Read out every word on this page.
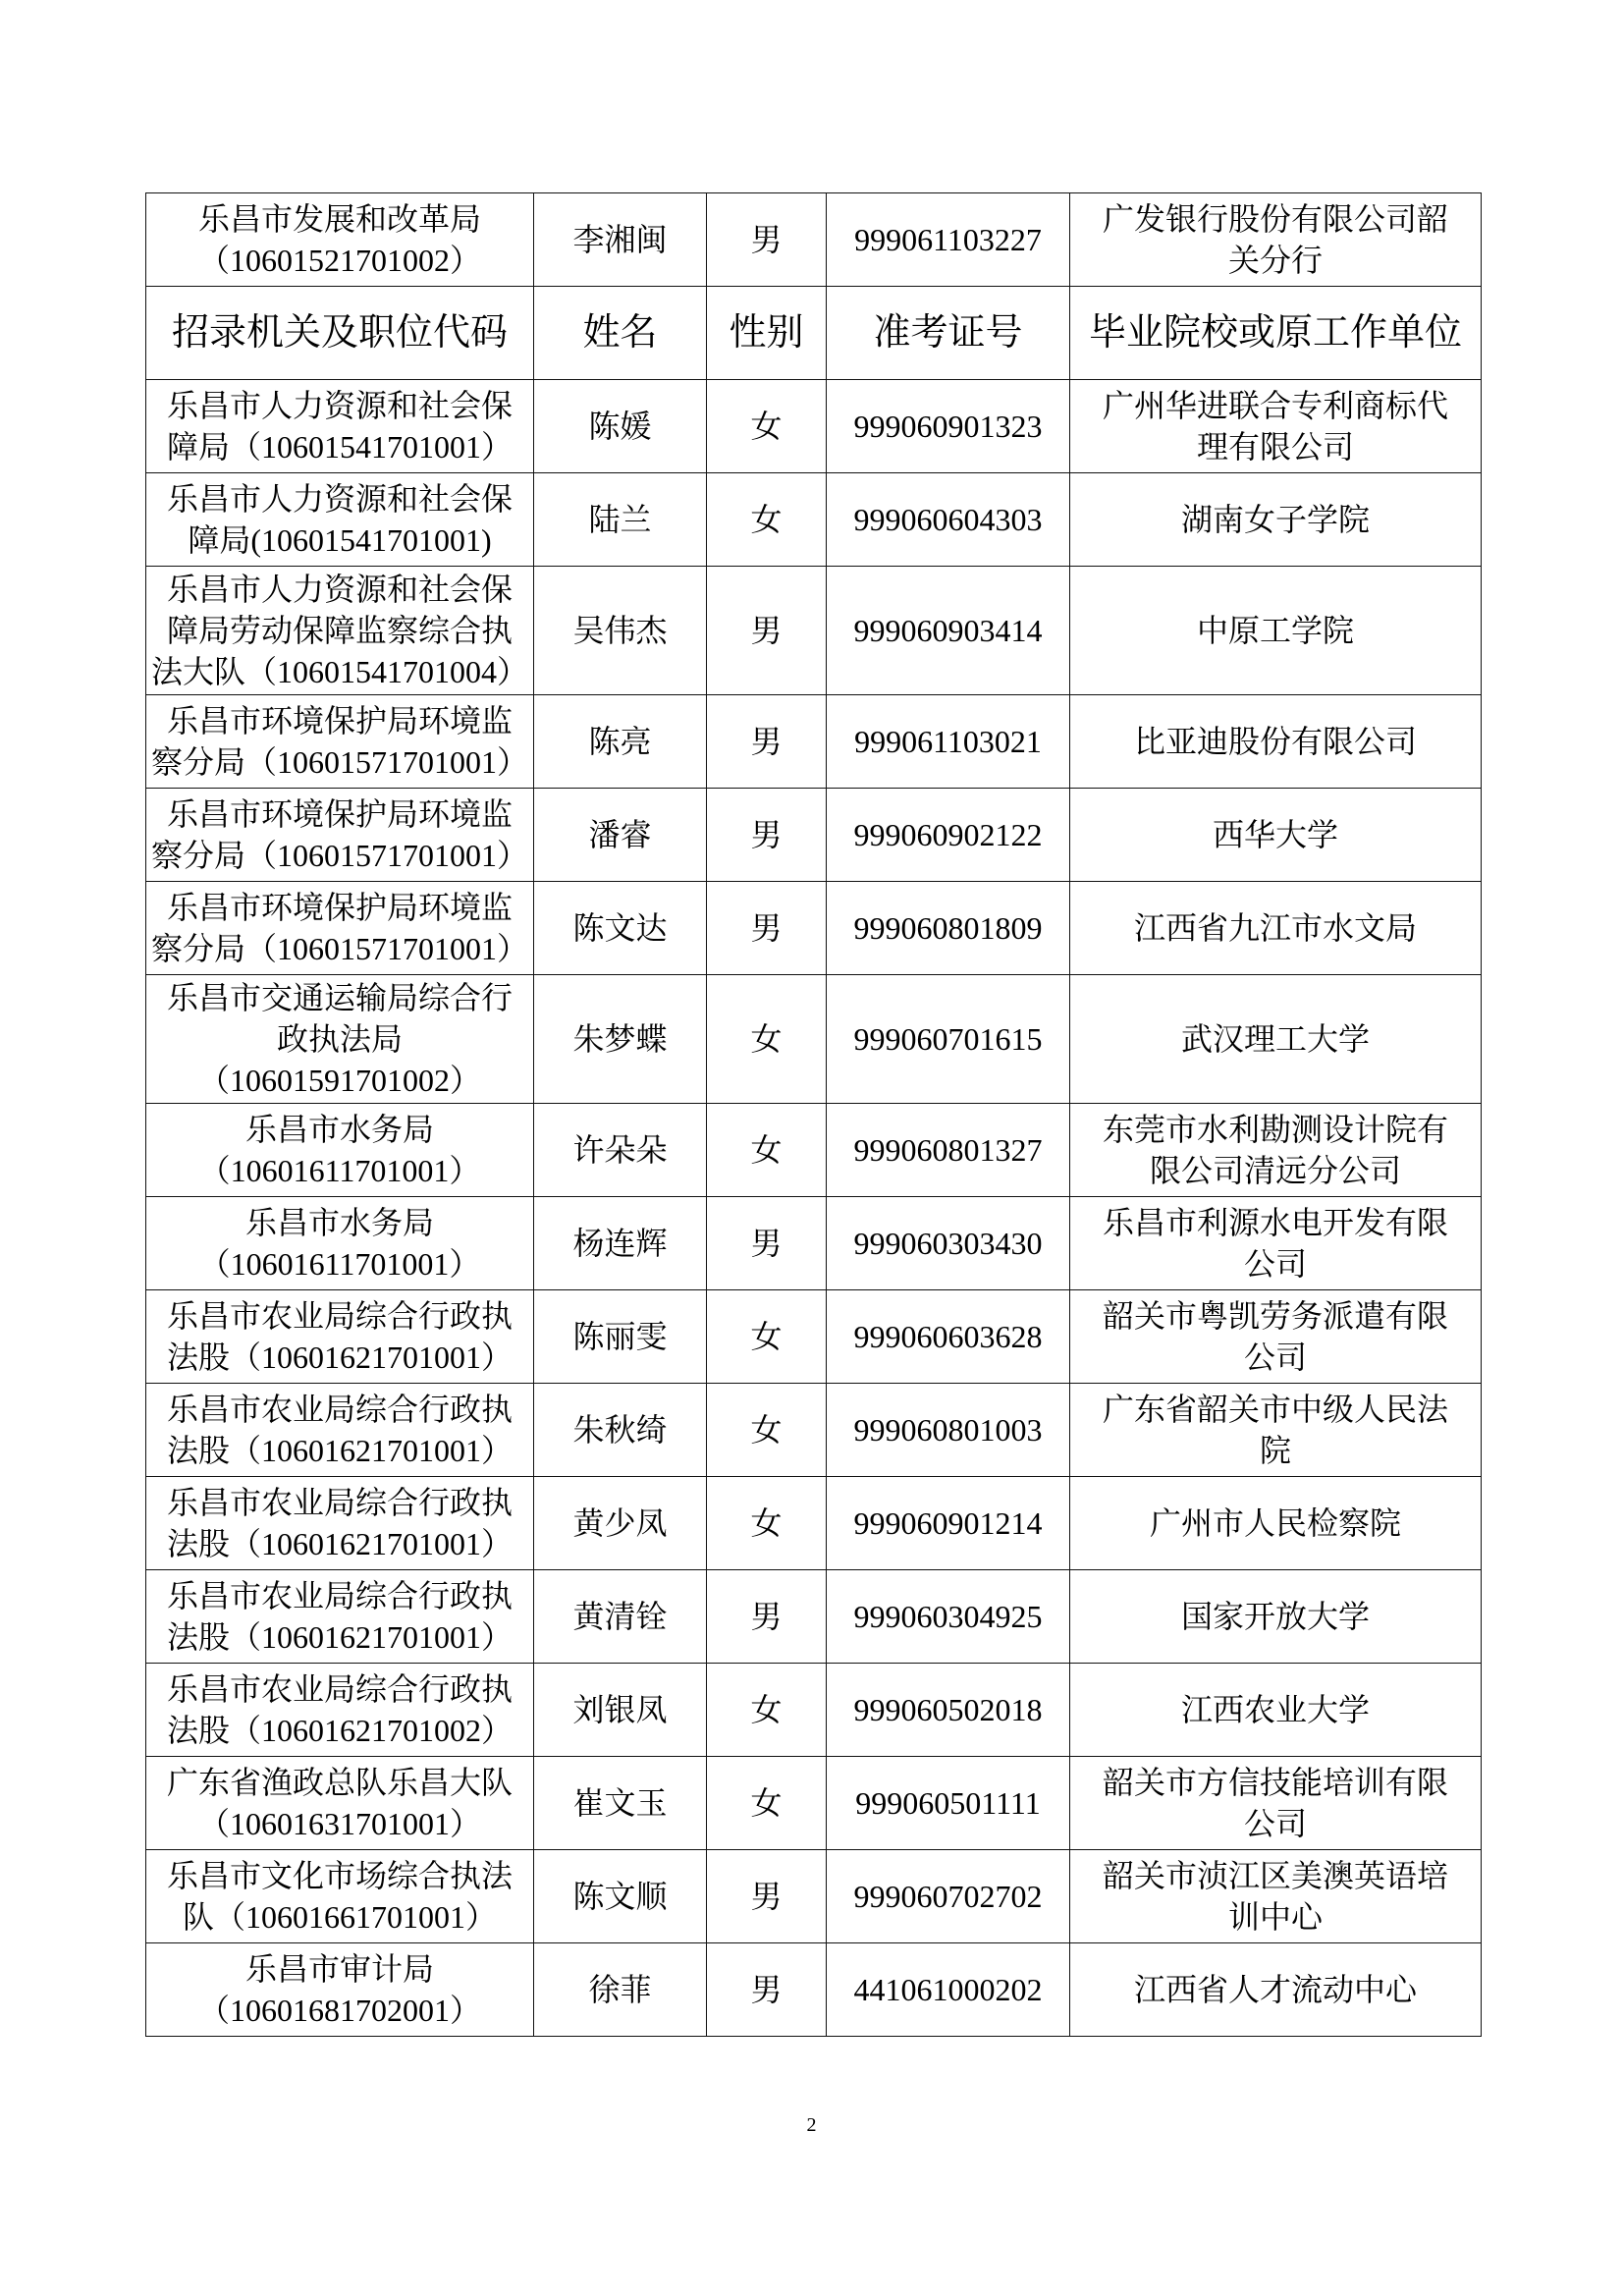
乐昌市发展和改革局
（10601521701002）	李湘闽	男	999061103227	广发银行股份有限公司韶
关分行

招录机关及职位代码	姓名	性别	准考证号	毕业院校或原工作单位

乐昌市人力资源和社会保
障局（10601541701001）	陈媛	女	999060901323	广州华进联合专利商标代
理有限公司

乐昌市人力资源和社会保
障局(10601541701001)	陆兰	女	999060604303	湖南女子学院

乐昌市人力资源和社会保
障局劳动保障监察综合执
法大队（10601541701004）	吴伟杰	男	999060903414	中原工学院

乐昌市环境保护局环境监
察分局（10601571701001）	陈亮	男	999061103021	比亚迪股份有限公司

乐昌市环境保护局环境监
察分局（10601571701001）	潘睿	男	999060902122	西华大学

乐昌市环境保护局环境监
察分局（10601571701001）	陈文达	男	999060801809	江西省九江市水文局

乐昌市交通运输局综合行
政执法局
（10601591701002）	朱梦蝶	女	999060701615	武汉理工大学

乐昌市水务局
（10601611701001）	许朵朵	女	999060801327	东莞市水利勘测设计院有
限公司清远分公司

乐昌市水务局
（10601611701001）	杨连辉	男	999060303430	乐昌市利源水电开发有限
公司

乐昌市农业局综合行政执
法股（10601621701001）	陈丽雯	女	999060603628	韶关市粤凯劳务派遣有限
公司

乐昌市农业局综合行政执
法股（10601621701001）	朱秋绮	女	999060801003	广东省韶关市中级人民法
院

乐昌市农业局综合行政执
法股（10601621701001）	黄少凤	女	999060901214	广州市人民检察院

乐昌市农业局综合行政执
法股（10601621701001）	黄清铨	男	999060304925	国家开放大学

乐昌市农业局综合行政执
法股（10601621701002）	刘银凤	女	999060502018	江西农业大学

广东省渔政总队乐昌大队
（10601631701001）	崔文玉	女	999060501111	韶关市方信技能培训有限
公司

乐昌市文化市场综合执法
队（10601661701001）	陈文顺	男	999060702702	韶关市浈江区美澳英语培
训中心

乐昌市审计局
（10601681702001）	徐菲	男	441061000202	江西省人才流动中心
2
